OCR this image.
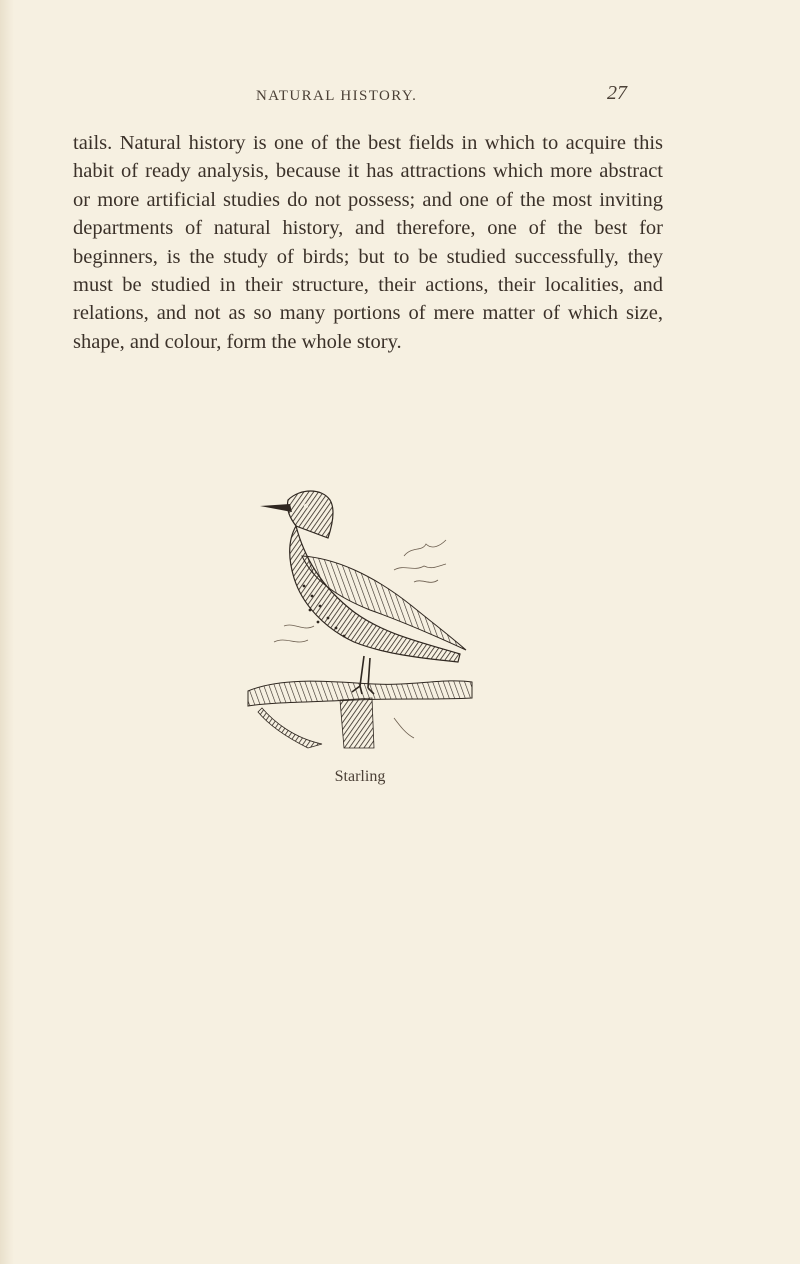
NATURAL HISTORY.	27
tails. Natural history is one of the best fields in which to acquire this habit of ready analysis, because it has attractions which more abstract or more artificial studies do not possess; and one of the most inviting departments of natural history, and therefore, one of the best for beginners, is the study of birds; but to be studied successfully, they must be studied in their structure, their actions, their localities, and relations, and not as so many portions of mere matter of which size, shape, and colour, form the whole story.
Starling
